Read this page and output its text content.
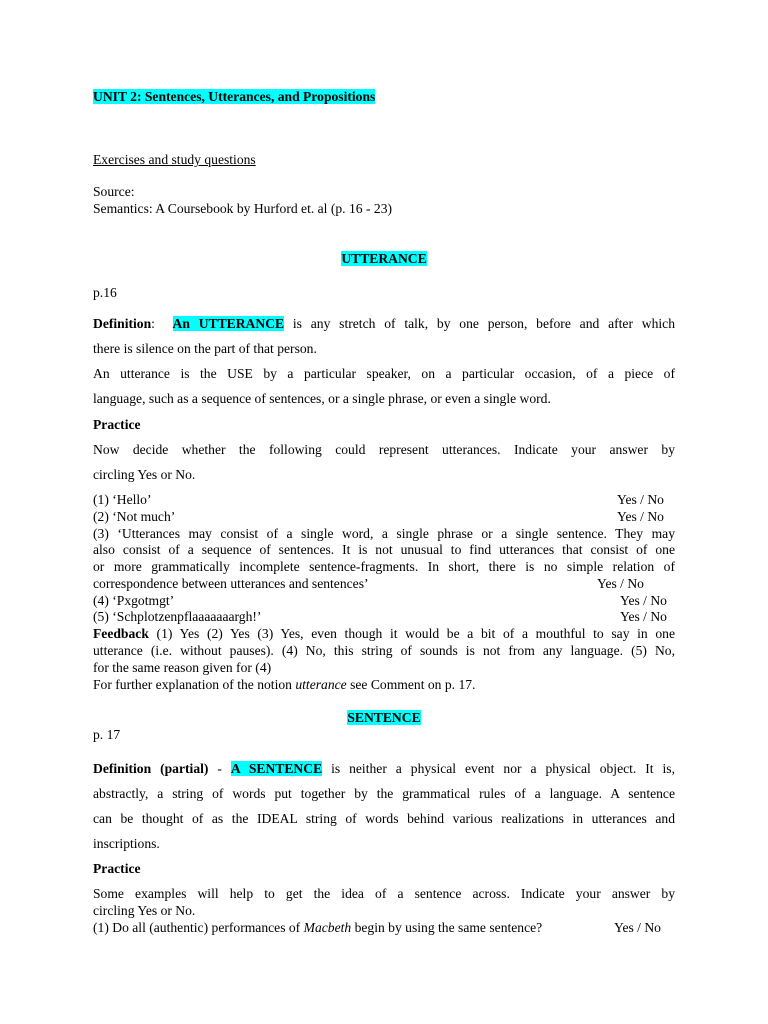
UNIT 2: Sentences, Utterances, and Propositions
Exercises and study questions
Source:
Semantics: A Coursebook by Hurford et. al (p. 16 - 23)
UTTERANCE
p.16
Definition: An UTTERANCE is any stretch of talk, by one person, before and after which
there is silence on the part of that person.
An utterance is the USE by a particular speaker, on a particular occasion, of a piece of
language, such as a sequence of sentences, or a single phrase, or even a single word.
Practice
Now decide whether the following could represent utterances. Indicate your answer by
circling Yes or No.
(1) ‘Hello’	Yes / No
(2) ‘Not much’	Yes / No
(3) ‘Utterances may consist of a single word, a single phrase or a single sentence. They may
also consist of a sequence of sentences. It is not unusual to find utterances that consist of one
or more grammatically incomplete sentence-fragments. In short, there is no simple relation of
correspondence between utterances and sentences’	Yes / No
(4) ‘Pxgotmgt’	Yes / No
(5) ‘Schplotzenpflaaaaaaargh!’	Yes / No
Feedback (1) Yes (2) Yes (3) Yes, even though it would be a bit of a mouthful to say in one
utterance (i.e. without pauses). (4) No, this string of sounds is not from any language. (5) No,
for the same reason given for (4)
For further explanation of the notion utterance see Comment on p. 17.
SENTENCE
p. 17
Definition (partial) - A SENTENCE is neither a physical event nor a physical object. It is,
abstractly, a string of words put together by the grammatical rules of a language. A sentence
can be thought of as the IDEAL string of words behind various realizations in utterances and
inscriptions.
Practice
Some examples will help to get the idea of a sentence across. Indicate your answer by
circling Yes or No.
(1) Do all (authentic) performances of Macbeth begin by using the same sentence?	Yes / No
